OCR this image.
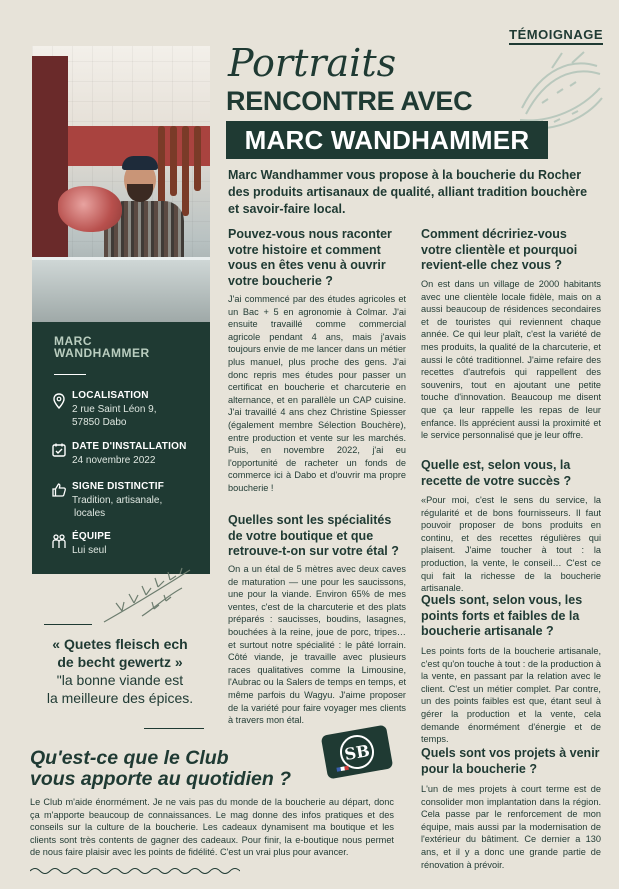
TÉMOIGNAGE
MARC
WANDHAMMER
LOCALISATION
2 rue Saint Léon 9,
57850 Dabo
DATE D'INSTALLATION
24 novembre 2022
SIGNE DISTINCTIF
Tradition, artisanale,
locales
ÉQUIPE
Lui seul
« Quetes fleisch ech
de becht gewertz »
"la bonne viande est
la meilleure des épices.
Portraits
RENCONTRE AVEC
MARC WANDHAMMER
Marc Wandhammer vous propose à la boucherie du Rocher des produits artisanaux de qualité, alliant tradition bouchère et savoir-faire local.
Pouvez-vous nous raconter
votre histoire et comment
vous en êtes venu à ouvrir
votre boucherie ?
J'ai commencé par des études agricoles et un Bac + 5 en agronomie à Colmar. J'ai ensuite travaillé comme commercial agricole pendant 4 ans, mais j'avais toujours envie de me lancer dans un métier plus manuel, plus proche des gens. J'ai donc repris mes études pour passer un certificat en boucherie et charcuterie en alternance, et en parallèle un CAP cuisine. J'ai travaillé 4 ans chez Christine Spiesser (également membre Sélection Bouchère), entre production et vente sur les marchés. Puis, en novembre 2022, j'ai eu l'opportunité de racheter un fonds de commerce ici à Dabo et d'ouvrir ma propre boucherie !
Quelles sont les spécialités
de votre boutique et que
retrouve-t-on sur votre étal ?
On a un étal de 5 mètres avec deux caves de maturation — une pour les saucissons, une pour la viande. Environ 65% de mes ventes, c'est de la charcuterie et des plats préparés : saucisses, boudins, lasagnes, bouchées à la reine, joue de porc, tripes… et surtout notre spécialité : le pâté lorrain. Côté viande, je travaille avec plusieurs races qualitatives comme la Limousine, l'Aubrac ou la Salers de temps en temps, et même parfois du Wagyu. J'aime proposer de la variété pour faire voyager mes clients à travers mon étal.
Comment décririez-vous
votre clientèle et pourquoi
revient-elle chez vous ?
On est dans un village de 2000 habitants avec une clientèle locale fidèle, mais on a aussi beaucoup de résidences secondaires et de touristes qui reviennent chaque année. Ce qui leur plaît, c'est la variété de mes produits, la qualité de la charcuterie, et aussi le côté traditionnel. J'aime refaire des recettes d'autrefois qui rappellent des souvenirs, tout en ajoutant une petite touche d'innovation. Beaucoup me disent que ça leur rappelle les repas de leur enfance. Ils apprécient aussi la proximité et le service personnalisé que je leur offre.
Quelle est, selon vous, la
recette de votre succès ?
«Pour moi, c'est le sens du service, la régularité et de bons fournisseurs. Il faut pouvoir proposer de bons produits en continu, et des recettes régulières qui plaisent. J'aime toucher à tout : la production, la vente, le conseil… C'est ce qui fait la richesse de la boucherie artisanale.
Quels sont, selon vous, les
points forts et faibles de la
boucherie artisanale ?
Les points forts de la boucherie artisanale, c'est qu'on touche à tout : de la production à la vente, en passant par la relation avec le client. C'est un métier complet. Par contre, un des points faibles est que, étant seul à gérer la production et la vente, cela demande énormément d'énergie et de temps.
Quels sont vos projets à venir
pour la boucherie ?
L'un de mes projets à court terme est de consolider mon implantation dans la région. Cela passe par le renforcement de mon équipe, mais aussi par la modernisation de l'extérieur du bâtiment. Ce dernier a 130 ans, et il y a donc une grande partie de rénovation à prévoir.
Qu'est-ce que le Club
vous apporte au quotidien ?
SB
Le Club m'aide énormément. Je ne vais pas du monde de la boucherie au départ, donc ça m'apporte beaucoup de connaissances. Le mag donne des infos pratiques et des conseils sur la culture de la boucherie. Les cadeaux dynamisent ma boutique et les clients sont très contents de gagner des cadeaux. Pour finir, la e-boutique nous permet de nous faire plaisir avec les points de fidélité. C'est un vrai plus pour avancer.
